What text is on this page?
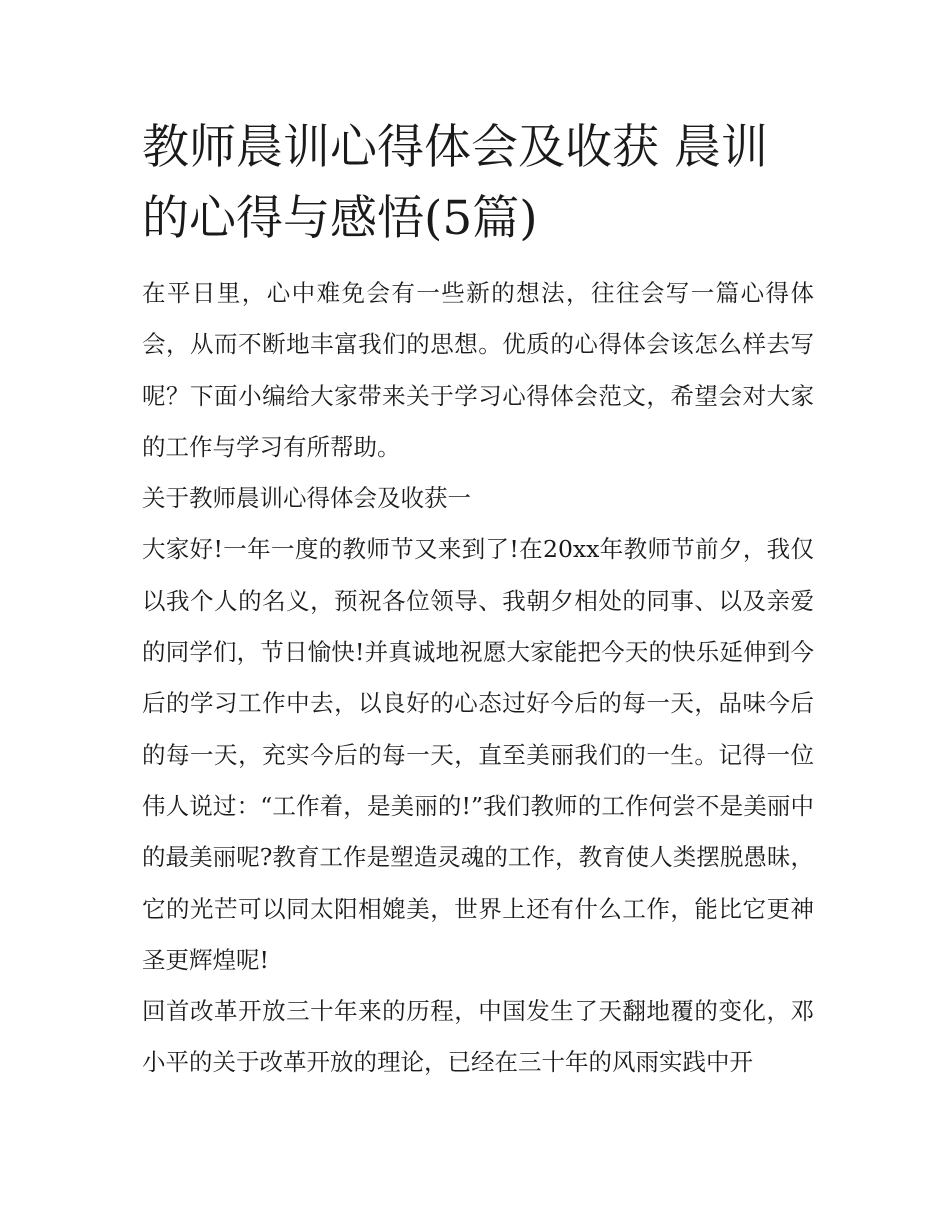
教师晨训心得体会及收获 晨训的心得与感悟(5篇)

在平日里，心中难免会有一些新的想法，往往会写一篇心得体会，从而不断地丰富我们的思想。优质的心得体会该怎么样去写呢？下面小编给大家带来关于学习心得体会范文，希望会对大家的工作与学习有所帮助。

关于教师晨训心得体会及收获一

大家好!一年一度的教师节又来到了!在20xx年教师节前夕，我仅以我个人的名义，预祝各位领导、我朝夕相处的同事、以及亲爱的同学们，节日愉快!并真诚地祝愿大家能把今天的快乐延伸到今后的学习工作中去，以良好的心态过好今后的每一天，品味今后的每一天，充实今后的每一天，直至美丽我们的一生。记得一位伟人说过：“工作着，是美丽的!”我们教师的工作何尝不是美丽中的最美丽呢?教育工作是塑造灵魂的工作，教育使人类摆脱愚昧，它的光芒可以同太阳相媲美，世界上还有什么工作，能比它更神圣更辉煌呢!

回首改革开放三十年来的历程，中国发生了天翻地覆的变化，邓小平的关于改革开放的理论，已经在三十年的风雨实践中开
